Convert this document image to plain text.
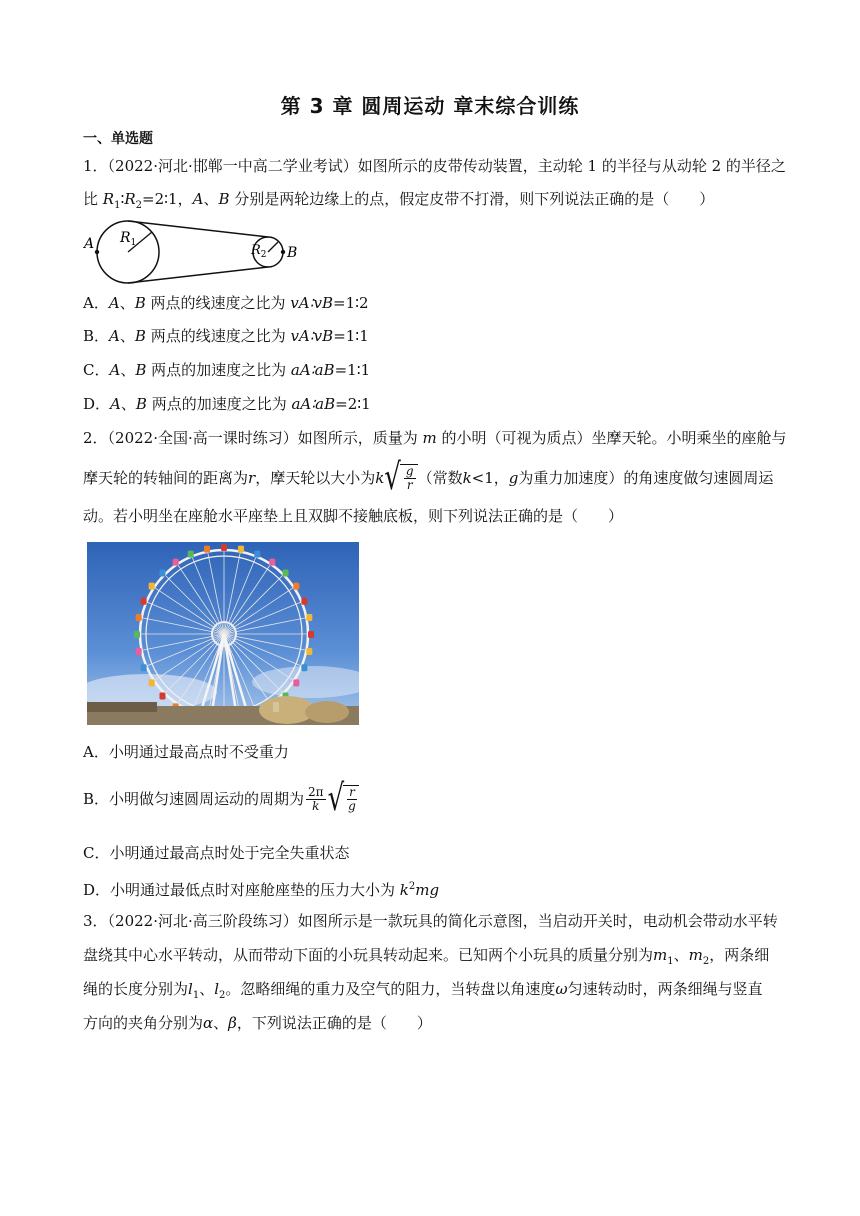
第 3 章 圆周运动 章末综合训练
一、单选题
1．（2022·河北·邯郸一中高二学业考试）如图所示的皮带传动装置，主动轮 1 的半径与从动轮 2 的半径之
比 $R_1∶R_2=2∶1$，A、B 分别是两轮边缘上的点，假定皮带不打滑，则下列说法正确的是（　　）
A $R_1$	$R_2$ B
A．A、B 两点的线速度之比为 vA∶vB=1∶2
B．A、B 两点的线速度之比为 vA∶vB=1∶1
C．A、B 两点的加速度之比为 aA∶aB=1∶1
D．A、B 两点的加速度之比为 aA∶aB=2∶1
2．（2022·全国·高一课时练习）如图所示，质量为 m 的小明（可视为质点）坐摩天轮。小明乘坐的座舱与
摩天轮的转轴间的距离为 r ，摩天轮以大小为 k √ $\frac{g}{r}$ （常数 k <1， g 为重力加速度）的角速度做匀速圆周运
动。若小明坐在座舱水平座垫上且双脚不接触底板，则下列说法正确的是（　　）
A．小明通过最高点时不受重力
B．小明做匀速圆周运动的周期为 $\frac{2\pi}{k}$ √ $\frac{r}{g}$
C．小明通过最高点时处于完全失重状态
D．小明通过最低点时对座舱座垫的压力大小为 $k^2mg$
3．（2022·河北·高三阶段练习）如图所示是一款玩具的简化示意图，当启动开关时，电动机会带动水平转
盘绕其中心水平转动，从而带动下面的小玩具转动起来。已知两个小玩具的质量分别为$m_1$、$m_2$，两条细
绳的长度分别为$l_1$、$l_2$。忽略细绳的重力及空气的阻力，当转盘以角速度ω匀速转动时，两条细绳与竖直
方向的夹角分别为α、β，下列说法正确的是（　　）
